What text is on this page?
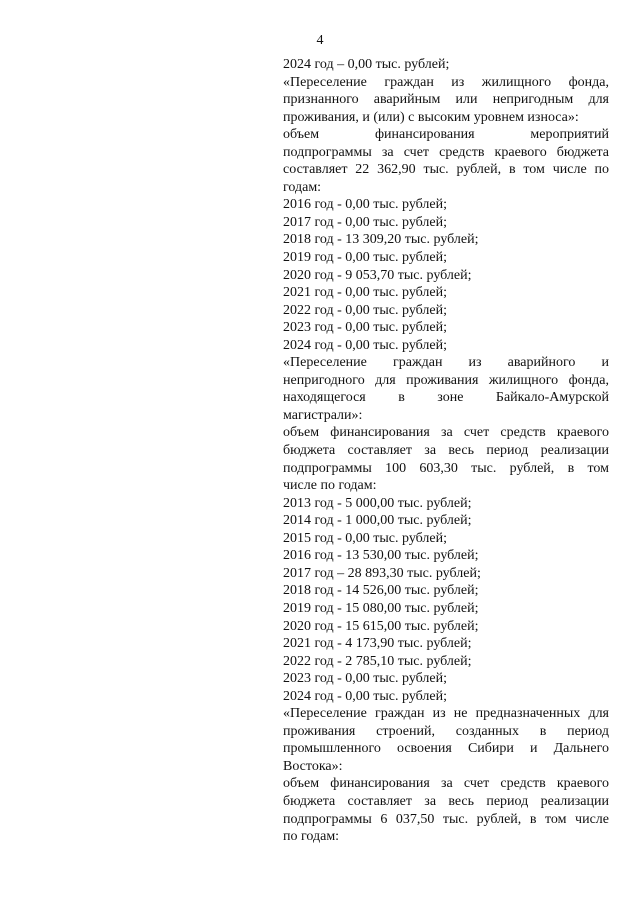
4
2024 год – 0,00 тыс. рублей;
«Переселение граждан из жилищного фонда,
признанного аварийным или непригодным для
проживания, и (или) с высоким уровнем износа»:
объем финансирования мероприятий
подпрограммы за счет средств краевого бюджета
составляет 22 362,90 тыс. рублей, в том числе по
годам:
2016 год - 0,00 тыс. рублей;
2017 год - 0,00 тыс. рублей;
2018 год - 13 309,20 тыс. рублей;
2019 год - 0,00 тыс. рублей;
2020 год - 9 053,70 тыс. рублей;
2021 год - 0,00 тыс. рублей;
2022 год - 0,00 тыс. рублей;
2023 год - 0,00 тыс. рублей;
2024 год - 0,00 тыс. рублей;
«Переселение граждан из аварийного и
непригодного для проживания жилищного фонда,
находящегося в зоне Байкало-Амурской
магистрали»:
объем финансирования за счет средств краевого
бюджета составляет за весь период реализации
подпрограммы 100 603,30 тыс. рублей, в том
числе по годам:
2013 год - 5 000,00 тыс. рублей;
2014 год - 1 000,00 тыс. рублей;
2015 год - 0,00 тыс. рублей;
2016 год - 13 530,00 тыс. рублей;
2017 год – 28 893,30 тыс. рублей;
2018 год - 14 526,00 тыс. рублей;
2019 год - 15 080,00 тыс. рублей;
2020 год - 15 615,00 тыс. рублей;
2021 год - 4 173,90 тыс. рублей;
2022 год - 2 785,10 тыс. рублей;
2023 год - 0,00 тыс. рублей;
2024 год - 0,00 тыс. рублей;
«Переселение граждан из не предназначенных для
проживания строений, созданных в период
промышленного освоения Сибири и Дальнего
Востока»:
объем финансирования за счет средств краевого
бюджета составляет за весь период реализации
подпрограммы 6 037,50 тыс. рублей, в том числе
по годам:
